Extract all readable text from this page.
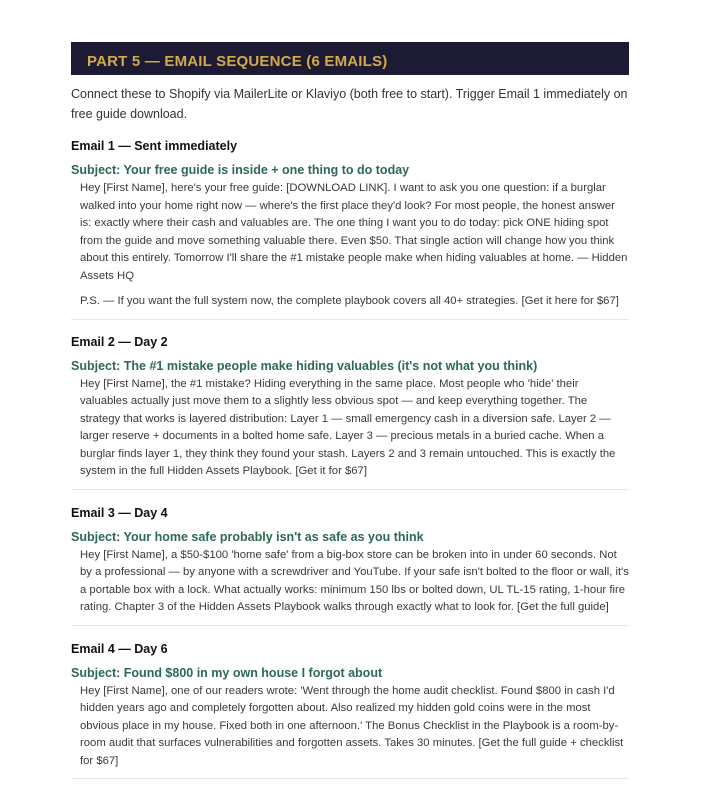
PART 5 — EMAIL SEQUENCE (6 EMAILS)

Connect these to Shopify via MailerLite or Klaviyo (both free to start). Trigger Email 1 immediately on free guide download.

Email 1 — Sent immediately

Subject: Your free guide is inside + one thing to do today

Hey [First Name], here's your free guide: [DOWNLOAD LINK]. I want to ask you one question: if a burglar walked into your home right now — where's the first place they'd look? For most people, the honest answer is: exactly where their cash and valuables are. The one thing I want you to do today: pick ONE hiding spot from the guide and move something valuable there. Even $50. That single action will change how you think about this entirely. Tomorrow I'll share the #1 mistake people make when hiding valuables at home. — Hidden Assets HQ

P.S. — If you want the full system now, the complete playbook covers all 40+ strategies. [Get it here for $67]

Email 2 — Day 2

Subject: The #1 mistake people make hiding valuables (it's not what you think)

Hey [First Name], the #1 mistake? Hiding everything in the same place. Most people who 'hide' their valuables actually just move them to a slightly less obvious spot — and keep everything together. The strategy that works is layered distribution: Layer 1 — small emergency cash in a diversion safe. Layer 2 — larger reserve + documents in a bolted home safe. Layer 3 — precious metals in a buried cache. When a burglar finds layer 1, they think they found your stash. Layers 2 and 3 remain untouched. This is exactly the system in the full Hidden Assets Playbook. [Get it for $67]

Email 3 — Day 4

Subject: Your home safe probably isn't as safe as you think

Hey [First Name], a $50-$100 'home safe' from a big-box store can be broken into in under 60 seconds. Not by a professional — by anyone with a screwdriver and YouTube. If your safe isn't bolted to the floor or wall, it's a portable box with a lock. What actually works: minimum 150 lbs or bolted down, UL TL-15 rating, 1-hour fire rating. Chapter 3 of the Hidden Assets Playbook walks through exactly what to look for. [Get the full guide]

Email 4 — Day 6

Subject: Found $800 in my own house I forgot about

Hey [First Name], one of our readers wrote: 'Went through the home audit checklist. Found $800 in cash I'd hidden years ago and completely forgotten about. Also realized my hidden gold coins were in the most obvious place in my house. Fixed both in one afternoon.' The Bonus Checklist in the Playbook is a room-by-room audit that surfaces vulnerabilities and forgotten assets. Takes 30 minutes. [Get the full guide + checklist for $67]
